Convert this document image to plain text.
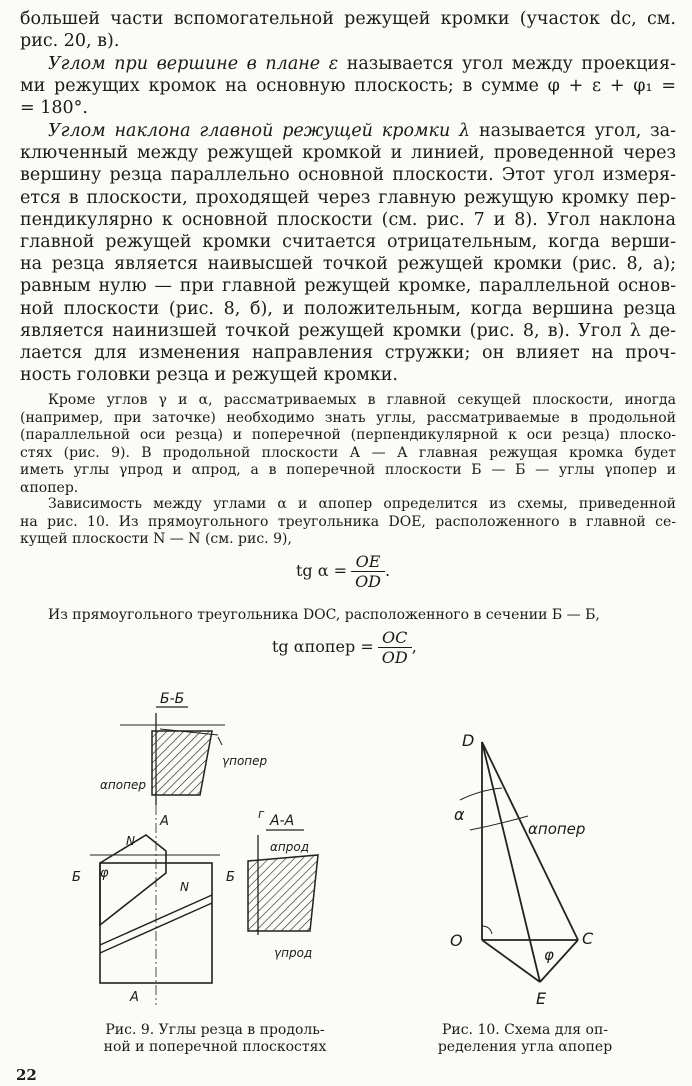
большей части вспомогательной режущей кромки (участок dc, см.
рис. 20, в).
Углом при вершине в плане ε называется угол между проекция-
ми режущих кромок на основную плоскость; в сумме φ + ε + φ₁ =
= 180°.
Углом наклона главной режущей кромки λ называется угол, за-
ключенный между режущей кромкой и линией, проведенной через
вершину резца параллельно основной плоскости. Этот угол измеря-
ется в плоскости, проходящей через главную режущую кромку пер-
пендикулярно к основной плоскости (см. рис. 7 и 8). Угол наклона
главной режущей кромки считается отрицательным, когда верши-
на резца является наивысшей точкой режущей кромки (рис. 8, а);
равным нулю — при главной режущей кромке, параллельной основ-
ной плоскости (рис. 8, б), и положительным, когда вершина резца
является наинизшей точкой режущей кромки (рис. 8, в). Угол λ де-
лается для изменения направления стружки; он влияет на проч-
ность головки резца и режущей кромки.
Кроме углов γ и α, рассматриваемых в главной секущей плоскости, иногда
(например, при заточке) необходимо знать углы, рассматриваемые в продольной
(параллельной оси резца) и поперечной (перпендикулярной к оси резца) плоско-
стях (рис. 9). В продольной плоскости А — А главная режущая кромка будет
иметь углы γпрод и αпрод, а в поперечной плоскости Б — Б — углы γпопер и
αпопер.
Зависимость между углами α и αпопер определится из схемы, приведенной
на рис. 10. Из прямоугольного треугольника DOE, расположенного в главной се-
кущей плоскости N — N (см. рис. 9),
tg $\alpha = \frac{OE}{OD}$ .
Из прямоугольного треугольника DOC, расположенного в сечении Б — Б,
tg αпопер = $\frac{OC}{OD}$ ,
Б-Б
γпопер
αпопер
Б	Б
φ
А
N
N
А
г А-А
αпрод
γпрод
Рис. 9. Углы резца в продоль-
ной и поперечной плоскостях
D
O	C
E
α
αпопер
φ
Рис. 10. Схема для оп-
ределения угла αпопер
22
